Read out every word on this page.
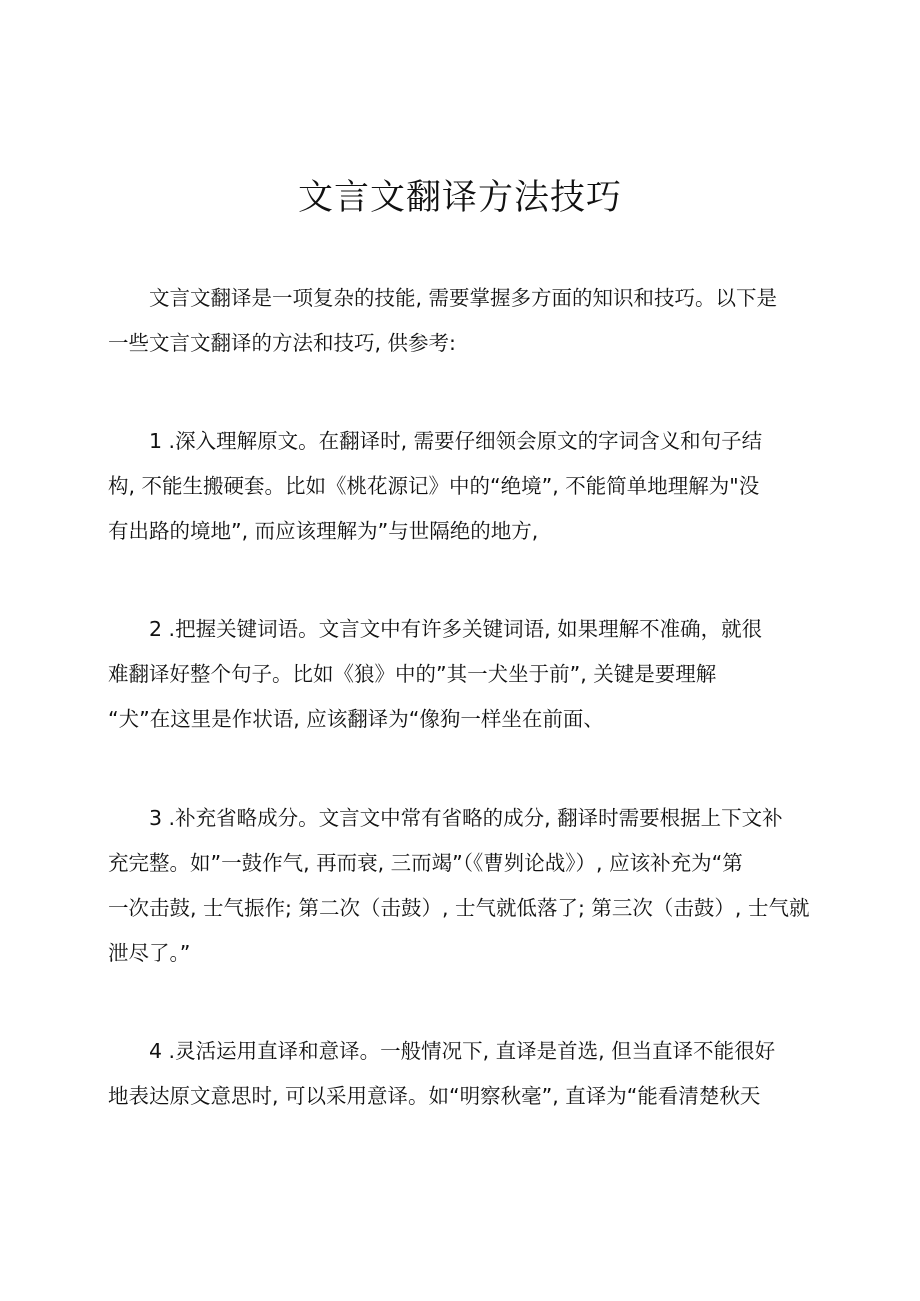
文言文翻译方法技巧

　　文言文翻译是一项复杂的技能, 需要掌握多方面的知识和技巧。以下是
一些文言文翻译的方法和技巧, 供参考:

　　1 .深入理解原文。在翻译时, 需要仔细领会原文的字词含义和句子结
构, 不能生搬硬套。比如《桃花源记》中的“绝境”, 不能简单地理解为"没
有出路的境地”, 而应该理解为”与世隔绝的地方,

　　2 .把握关键词语。文言文中有许多关键词语, 如果理解不准确，就很
难翻译好整个句子。比如《狼》中的”其一犬坐于前”, 关键是要理解
“犬”在这里是作状语, 应该翻译为“像狗一样坐在前面、

　　3 .补充省略成分。文言文中常有省略的成分, 翻译时需要根据上下文补
充完整。如”一鼓作气, 再而衰, 三而竭”（《曹刿论战》）, 应该补充为“第
一次击鼓, 士气振作; 第二次（击鼓）, 士气就低落了; 第三次（击鼓）, 士气就
泄尽了。”

　　4 .灵活运用直译和意译。一般情况下, 直译是首选, 但当直译不能很好
地表达原文意思时, 可以采用意译。如“明察秋毫”, 直译为“能看清楚秋天
